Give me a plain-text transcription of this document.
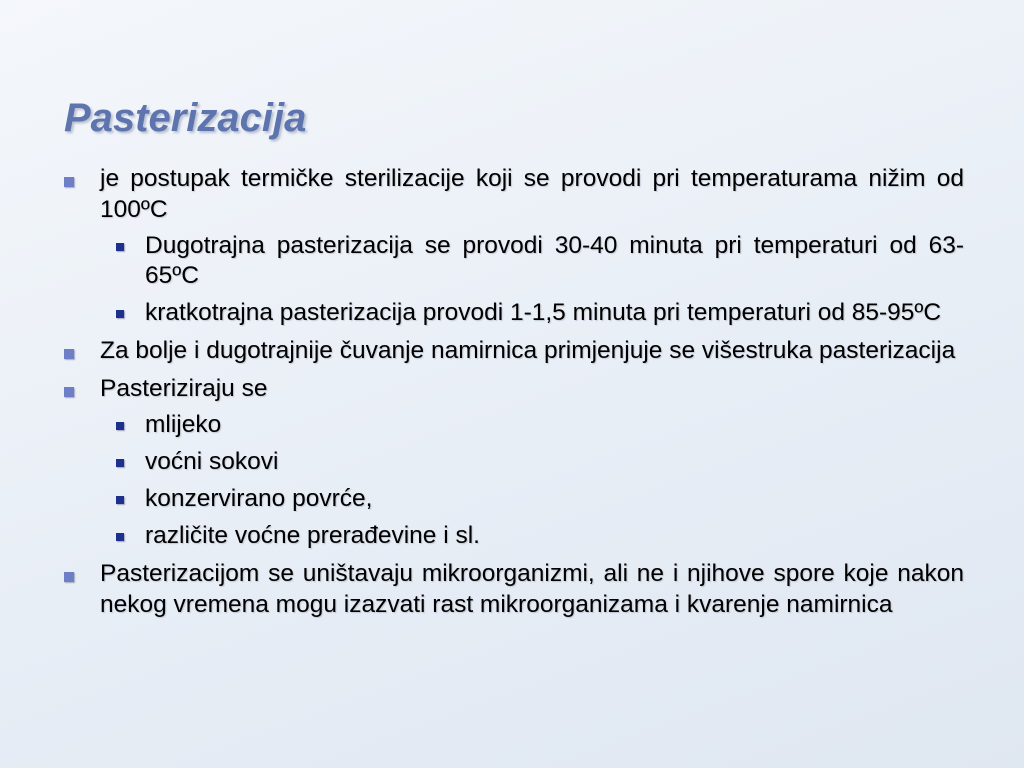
Pasterizacija
je postupak termičke sterilizacije koji se provodi pri temperaturama nižim od 100ºC
Dugotrajna pasterizacija se provodi 30-40 minuta pri temperaturi od 63-65ºC
kratkotrajna pasterizacija provodi 1-1,5 minuta pri temperaturi od 85-95ºC
Za bolje i dugotrajnije čuvanje namirnica primjenjuje se višestruka pasterizacija
Pasteriziraju se
mlijeko
voćni sokovi
konzervirano povrće,
različite voćne prerađevine i sl.
Pasterizacijom se uništavaju mikroorganizmi, ali ne i njihove spore koje nakon nekog vremena mogu izazvati rast mikroorganizama i kvarenje namirnica
